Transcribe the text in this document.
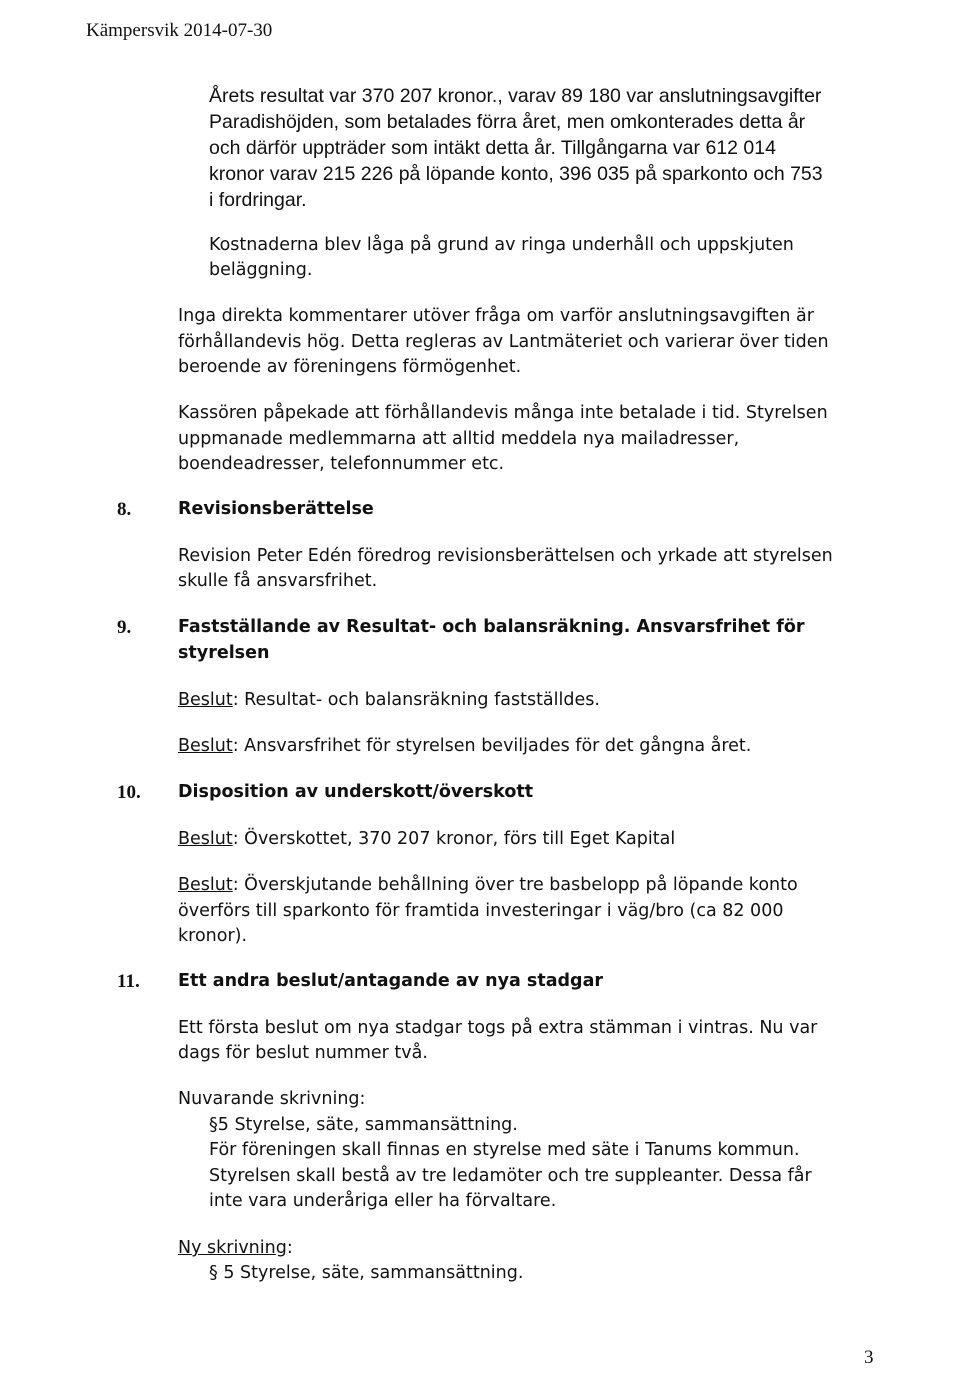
Kämpersvik 2014-07-30
Årets resultat var 370 207 kronor., varav 89 180 var anslutningsavgifter
Paradishöjden, som betalades förra året, men omkonterades detta år
och därför uppträder som intäkt detta år. Tillgångarna var 612 014
kronor varav 215 226 på löpande konto, 396 035 på sparkonto och 753
i fordringar.
Kostnaderna blev låga på grund av ringa underhåll och uppskjuten
beläggning.
Inga direkta kommentarer utöver fråga om varför anslutningsavgiften är
förhållandevis hög. Detta regleras av Lantmäteriet och varierar över tiden
beroende av föreningens förmögenhet.
Kassören påpekade att förhållandevis många inte betalade i tid. Styrelsen
uppmanade medlemmarna att alltid meddela nya mailadresser,
boendeadresser, telefonnummer etc.
8.	Revisionsberättelse
Revision Peter Edén föredrog revisionsberättelsen och yrkade att styrelsen
skulle få ansvarsfrihet.
9.	Fastställande av Resultat- och balansräkning. Ansvarsfrihet för
styrelsen
Beslut: Resultat- och balansräkning fastställdes.
Beslut: Ansvarsfrihet för styrelsen beviljades för det gångna året.
10. Disposition av underskott/överskott
Beslut: Överskottet, 370 207 kronor, förs till Eget Kapital
Beslut: Överskjutande behållning över tre basbelopp på löpande konto
överförs till sparkonto för framtida investeringar i väg/bro (ca 82 000
kronor).
11. Ett andra beslut/antagande av nya stadgar
Ett första beslut om nya stadgar togs på extra stämman i vintras. Nu var
dags för beslut nummer två.
Nuvarande skrivning:
§5 Styrelse, säte, sammansättning.
För föreningen skall finnas en styrelse med säte i Tanums kommun.
Styrelsen skall bestå av tre ledamöter och tre suppleanter. Dessa får
inte vara underåriga eller ha förvaltare.
Ny skrivning:
§ 5 Styrelse, säte, sammansättning.
3
